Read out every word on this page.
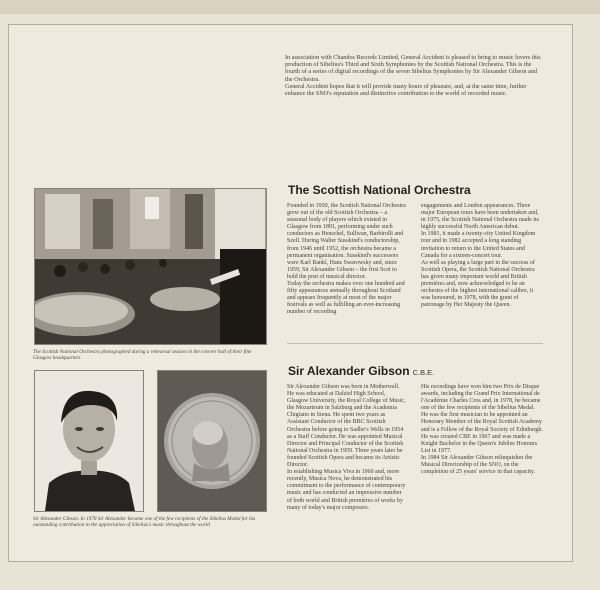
In association with Chandos Records Limited, General Accident is pleased to bring to music lovers this production of Sibelius's Third and Sixth Symphonies by the Scottish National Orchestra. This is the fourth of a series of digital recordings of the seven Sibelius Symphonies by Sir Alexander Gibson and the Orchestra.
General Accident hopes that it will provide many hours of pleasure, and, at the same time, further enhance the SNO's reputation and distinctive contribution to the world of recorded music.

The Scottish National Orchestra photographed during a rehearsal session in the concert hall of their fine Glasgow headquarters

The Scottish National Orchestra

Founded in 1950, the Scottish National Orchestra grew out of the old Scottish Orchestra – a seasonal body of players which existed in Glasgow from 1891, performing under such conductors as Henschel, Sullivan, Barbirolli and Szell. During Walter Susskind's conductorship, from 1946 until 1952, the orchestra became a permanent organisation. Susskind's successors were Karl Rankl, Hans Swarowsky and, since 1959, Sir Alexander Gibson – the first Scot to hold the post of musical director.
Today the orchestra makes over one hundred and fifty appearances annually throughout Scotland and appears frequently at most of the major festivals as well as fulfilling an ever-increasing number of recording

engagements and London appearances. Three major European tours have been undertaken and, in 1975, the Scottish National Orchestra made its highly successful North American debut.
In 1981, it made a twenty-city United Kingdom tour and in 1982 accepted a long standing invitation to return to the United States and Canada for a sixteen-concert tour.
As well as playing a large part in the success of Scottish Opera, the Scottish National Orchestra has given many important world and British premières and, now acknowledged to be an orchestra of the highest international calibre, it was honoured, in 1978, with the grant of patronage by Her Majesty the Queen.

Sir Alexander Gibson. In 1978 Sir Alexander became one of the few recipients of the Sibelius Medal for his outstanding contribution to the appreciation of Sibelius's music throughout the world

Sir Alexander Gibson C.B.E.

Sir Alexander Gibson was born in Motherwell. He was educated at Dalziel High School, Glasgow University, the Royal College of Music, the Mozarteum in Salzburg and the Academia Chigiano in Siena. He spent two years as Assistant Conductor of the BBC Scottish Orchestra before going to Sadler's Wells in 1954 as a Staff Conductor. He was appointed Musical Director and Principal Conductor of the Scottish National Orchestra in 1959. Three years later he founded Scottish Opera and became its Artistic Director.
In establishing Musica Viva in 1960 and, more recently, Musica Nova, he demonstrated his commitment to the performance of contemporary music and has conducted an impressive number of both world and British premières of works by many of today's major composers.

His recordings have won him two Prix de Disque awards, including the Grand Prix International de l'Académie Charles Cros and, in 1978, he became one of the few recipients of the Sibelius Medal. He was the first musician to be appointed an Honorary Member of the Royal Scottish Academy and is a Fellow of the Royal Society of Edinburgh. He was created CBE in 1967 and was made a Knight Bachelor in the Queen's Jubilee Honours List in 1977.
In 1984 Sir Alexander Gibson relinquishes the Musical Directorship of the SNO, on the completion of 25 years' service in that capacity.
